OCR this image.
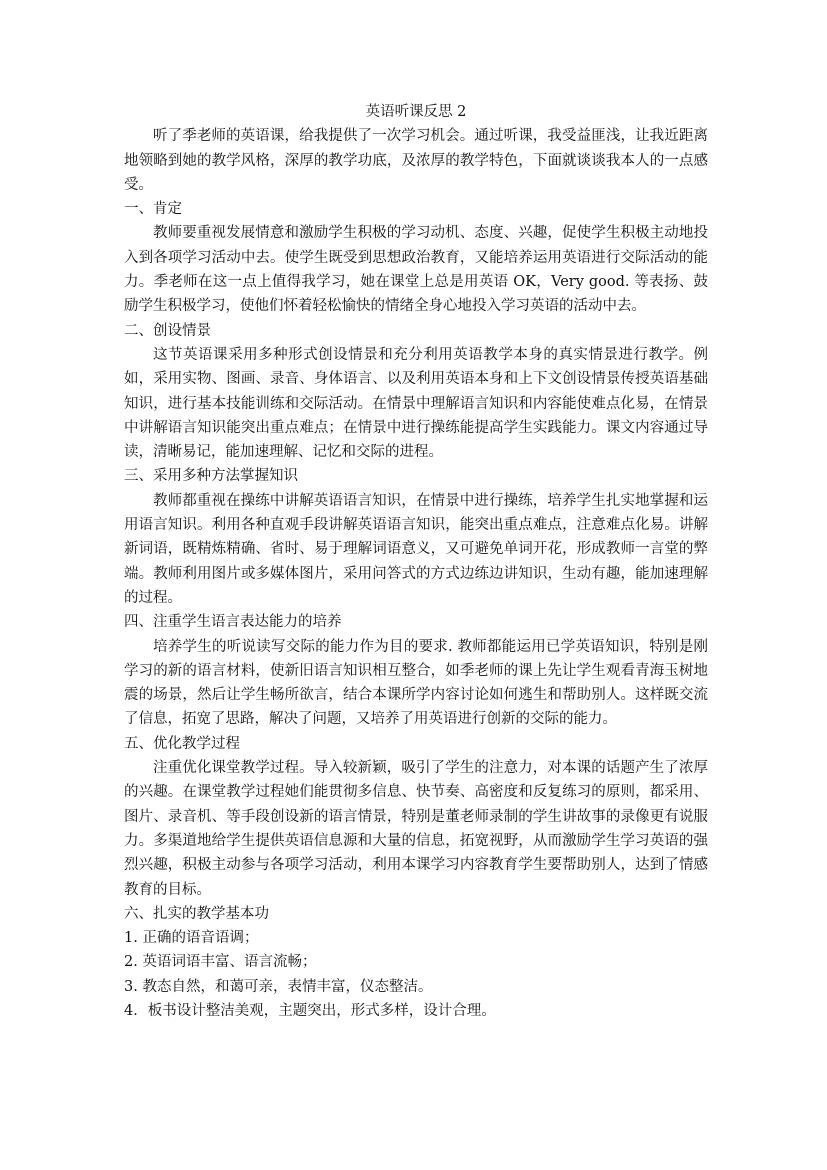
英语听课反思 2

听了季老师的英语课，给我提供了一次学习机会。通过听课，我受益匪浅，让我近距离地领略到她的教学风格，深厚的教学功底，及浓厚的教学特色，下面就谈谈我本人的一点感受。

一、肯定

教师要重视发展情意和激励学生积极的学习动机、态度、兴趣，促使学生积极主动地投入到各项学习活动中去。使学生既受到思想政治教育，又能培养运用英语进行交际活动的能力。季老师在这一点上值得我学习，她在课堂上总是用英语 OK，Very good. 等表扬、鼓励学生积极学习，使他们怀着轻松愉快的情绪全身心地投入学习英语的活动中去。

二、创设情景

这节英语课采用多种形式创设情景和充分利用英语教学本身的真实情景进行教学。例如，采用实物、图画、录音、身体语言、以及利用英语本身和上下文创设情景传授英语基础知识，进行基本技能训练和交际活动。在情景中理解语言知识和内容能使难点化易，在情景中讲解语言知识能突出重点难点；在情景中进行操练能提高学生实践能力。课文内容通过导读，清晰易记，能加速理解、记忆和交际的进程。

三、采用多种方法掌握知识

教师都重视在操练中讲解英语语言知识，在情景中进行操练，培养学生扎实地掌握和运用语言知识。利用各种直观手段讲解英语语言知识，能突出重点难点，注意难点化易。讲解新词语，既精炼精确、省时、易于理解词语意义，又可避免单词开花，形成教师一言堂的弊端。教师利用图片或多媒体图片，采用问答式的方式边练边讲知识，生动有趣，能加速理解的过程。

四、注重学生语言表达能力的培养

培养学生的听说读写交际的能力作为目的要求. 教师都能运用已学英语知识，特别是刚学习的新的语言材料，使新旧语言知识相互整合，如季老师的课上先让学生观看青海玉树地震的场景，然后让学生畅所欲言，结合本课所学内容讨论如何逃生和帮助别人。这样既交流了信息，拓宽了思路，解决了问题，又培养了用英语进行创新的交际的能力。

五、优化教学过程

注重优化课堂教学过程。导入较新颖，吸引了学生的注意力，对本课的话题产生了浓厚的兴趣。在课堂教学过程她们能贯彻多信息、快节奏、高密度和反复练习的原则，都采用、图片、录音机、等手段创设新的语言情景，特别是董老师录制的学生讲故事的录像更有说服力。多渠道地给学生提供英语信息源和大量的信息，拓宽视野，从而激励学生学习英语的强烈兴趣，积极主动参与各项学习活动，利用本课学习内容教育学生要帮助别人，达到了情感教育的目标。

六、扎实的教学基本功

1. 正确的语音语调；

2. 英语词语丰富、语言流畅；

3. 教态自然，和蔼可亲，表情丰富，仪态整洁。

4．板书设计整洁美观，主题突出，形式多样，设计合理。
